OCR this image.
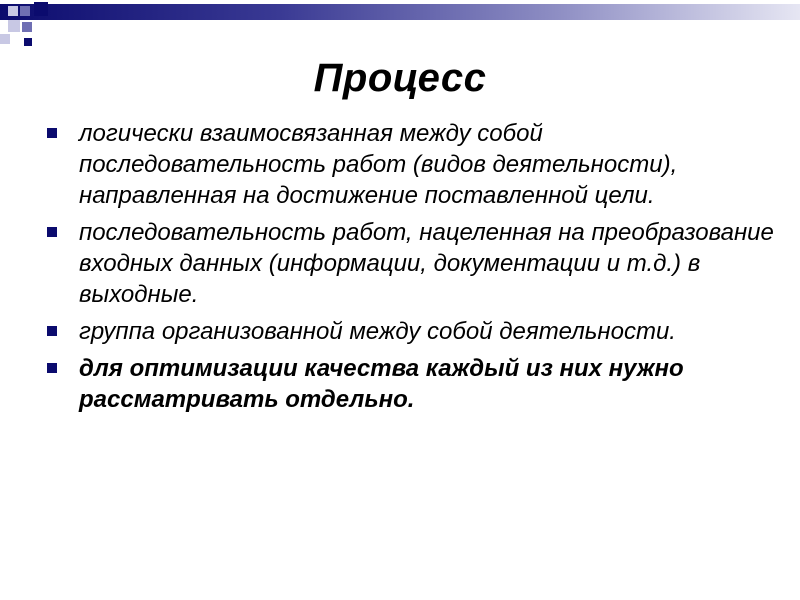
Процесс
логически взаимосвязанная между собой последовательность работ (видов деятельности), направленная на достижение поставленной цели.
последовательность работ, нацеленная на преобразование входных данных (информации, документации и т.д.) в выходные.
группа организованной между собой деятельности.
для оптимизации качества каждый из них нужно рассматривать отдельно.
